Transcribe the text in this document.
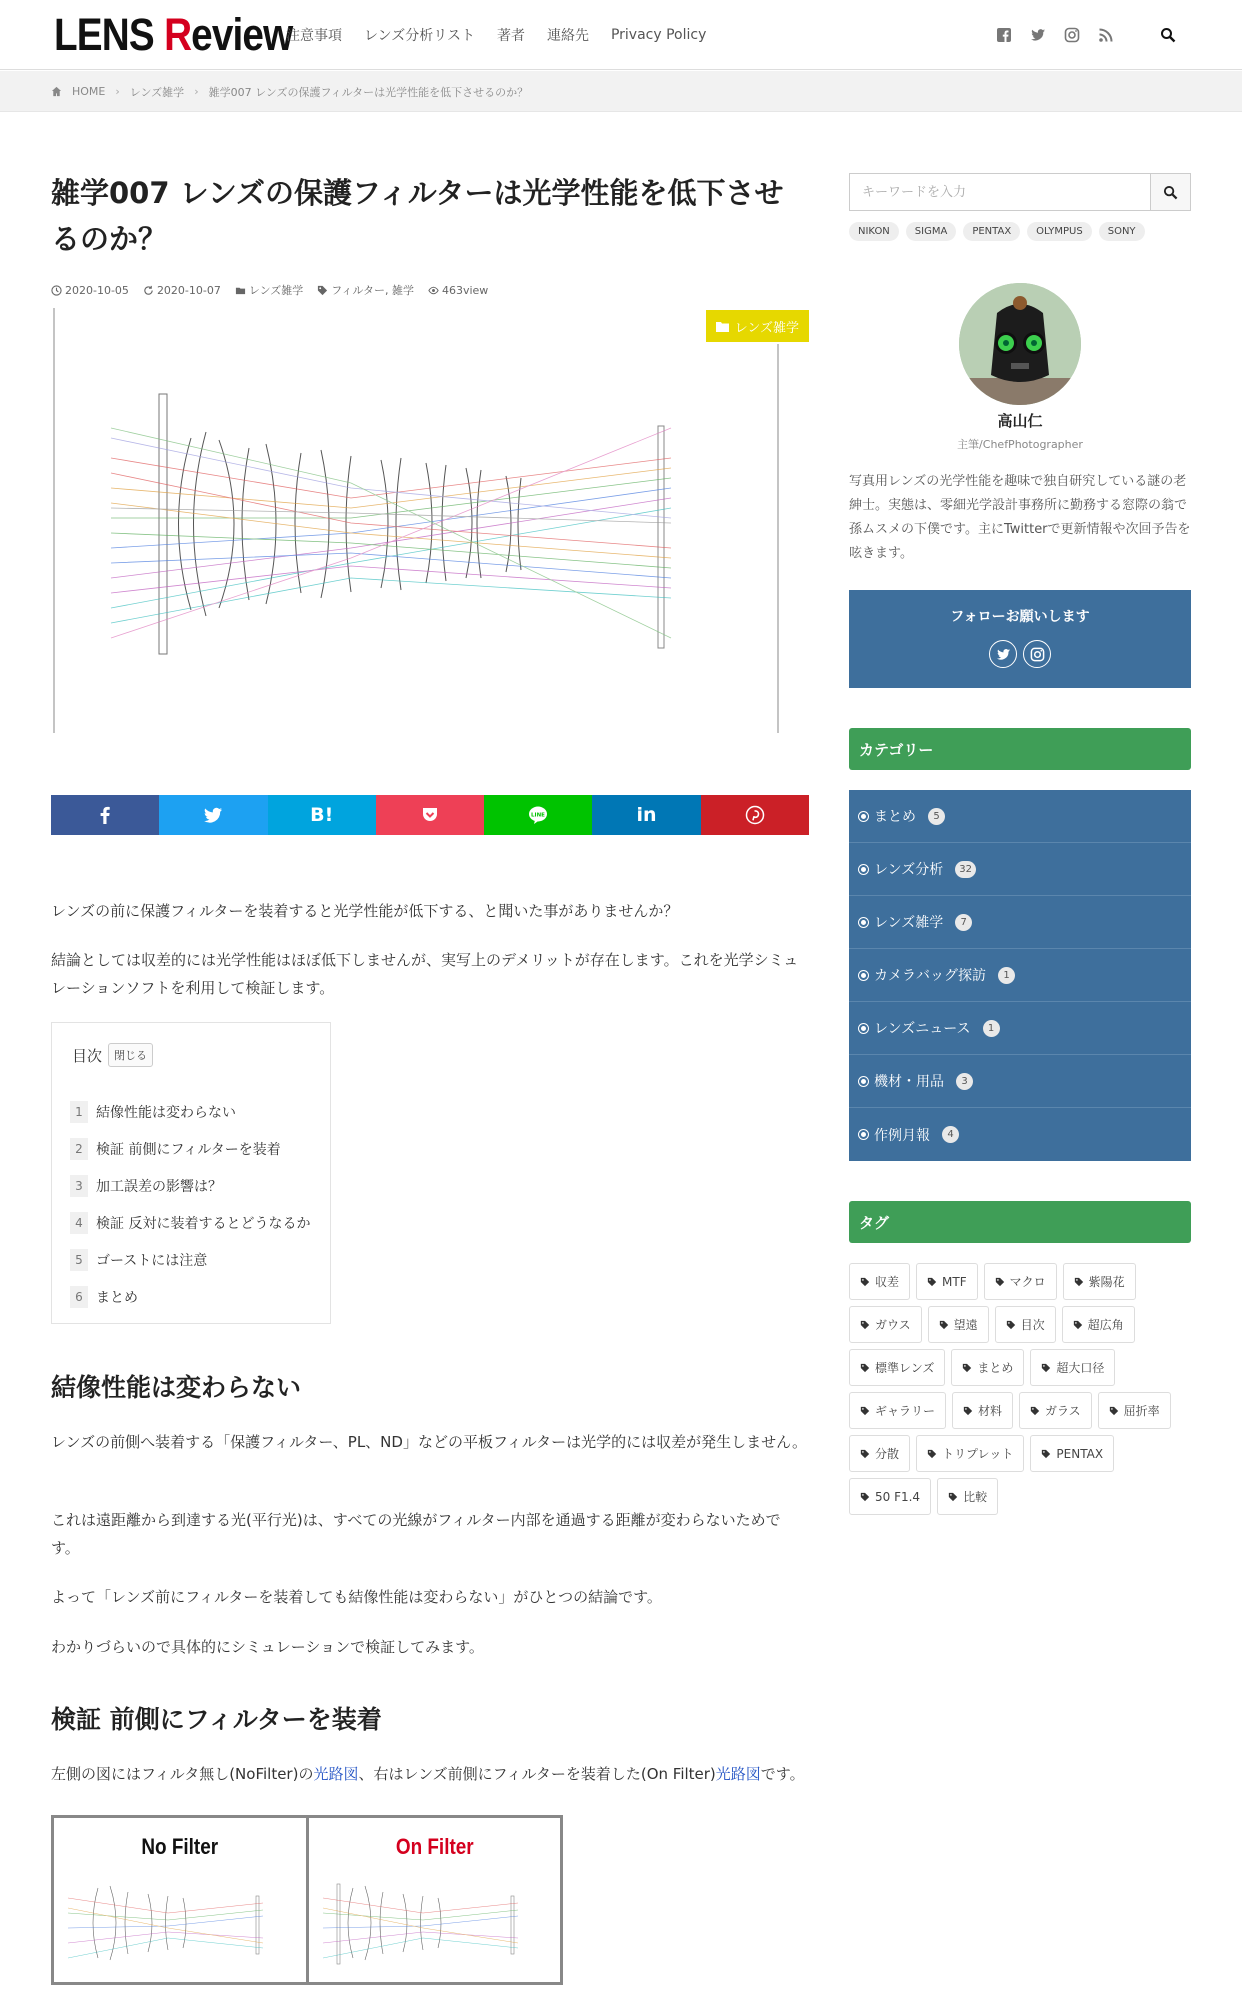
LENS R eview
注意事項 レンズ分析リスト 著者 連絡先 Privacy Policy
HOME › レンズ雑学 › 雑学007 レンズの保護フィルターは光学性能を低下させるのか？
雑学007 レンズの保護フィルターは光学性能を低下させるのか？
2020-10-05	2020-10-07	レンズ雑学	フィルター, 雑学	463view
レンズ雑学
B!	LINE	in

レンズの前に保護フィルターを装着すると光学性能が低下する、と聞いた事がありませんか？

結論としては収差的には光学性能はほぼ低下しませんが、実写上のデメリットが存在します。これを光学シミュレーションソフトを利用して検証します。

目次	閉じる
1 結像性能は変わらない
2 検証 前側にフィルターを装着
3 加工誤差の影響は？
4 検証 反対に装着するとどうなるか
5 ゴーストには注意
6 まとめ
結像性能は変わらない

レンズの前側へ装着する「保護フィルター、PL、ND」などの平板フィルターは光学的には収差が発生しません。

これは遠距離から到達する光(平行光)は、すべての光線がフィルター内部を通過する距離が変わらないためです。

よって「レンズ前にフィルターを装着しても結像性能は変わらない」がひとつの結論です。

わかりづらいので具体的にシミュレーションで検証してみます。

検証 前側にフィルターを装着

左側の図にはフィルタ無し(NoFilter)の光路図、右はレンズ前側にフィルターを装着した(On Filter)光路図です。

No Filter	On Filter
キーワードを入力
NIKON	SIGMA	PENTAX	OLYMPUS	SONY
高山仁
主筆/ChefPhotographer
写真用レンズの光学性能を趣味で独自研究している謎の老紳士。実態は、零細光学設計事務所に勤務する窓際の翁で孫ムスメの下僕です。主にTwitterで更新情報や次回予告を呟きます。
フォローお願いします
カテゴリー
まとめ	5
レンズ分析	32
レンズ雑学	7
カメラバッグ探訪	1
レンズニュース	1
機材・用品	3
作例月報	4
タグ
収差	MTF	マクロ	紫陽花
ガウス	望遠	目次	超広角
標準レンズ	まとめ	超大口径
ギャラリー	材料	ガラス	屈折率
分散	トリプレット	PENTAX
50 F1.4	比較
